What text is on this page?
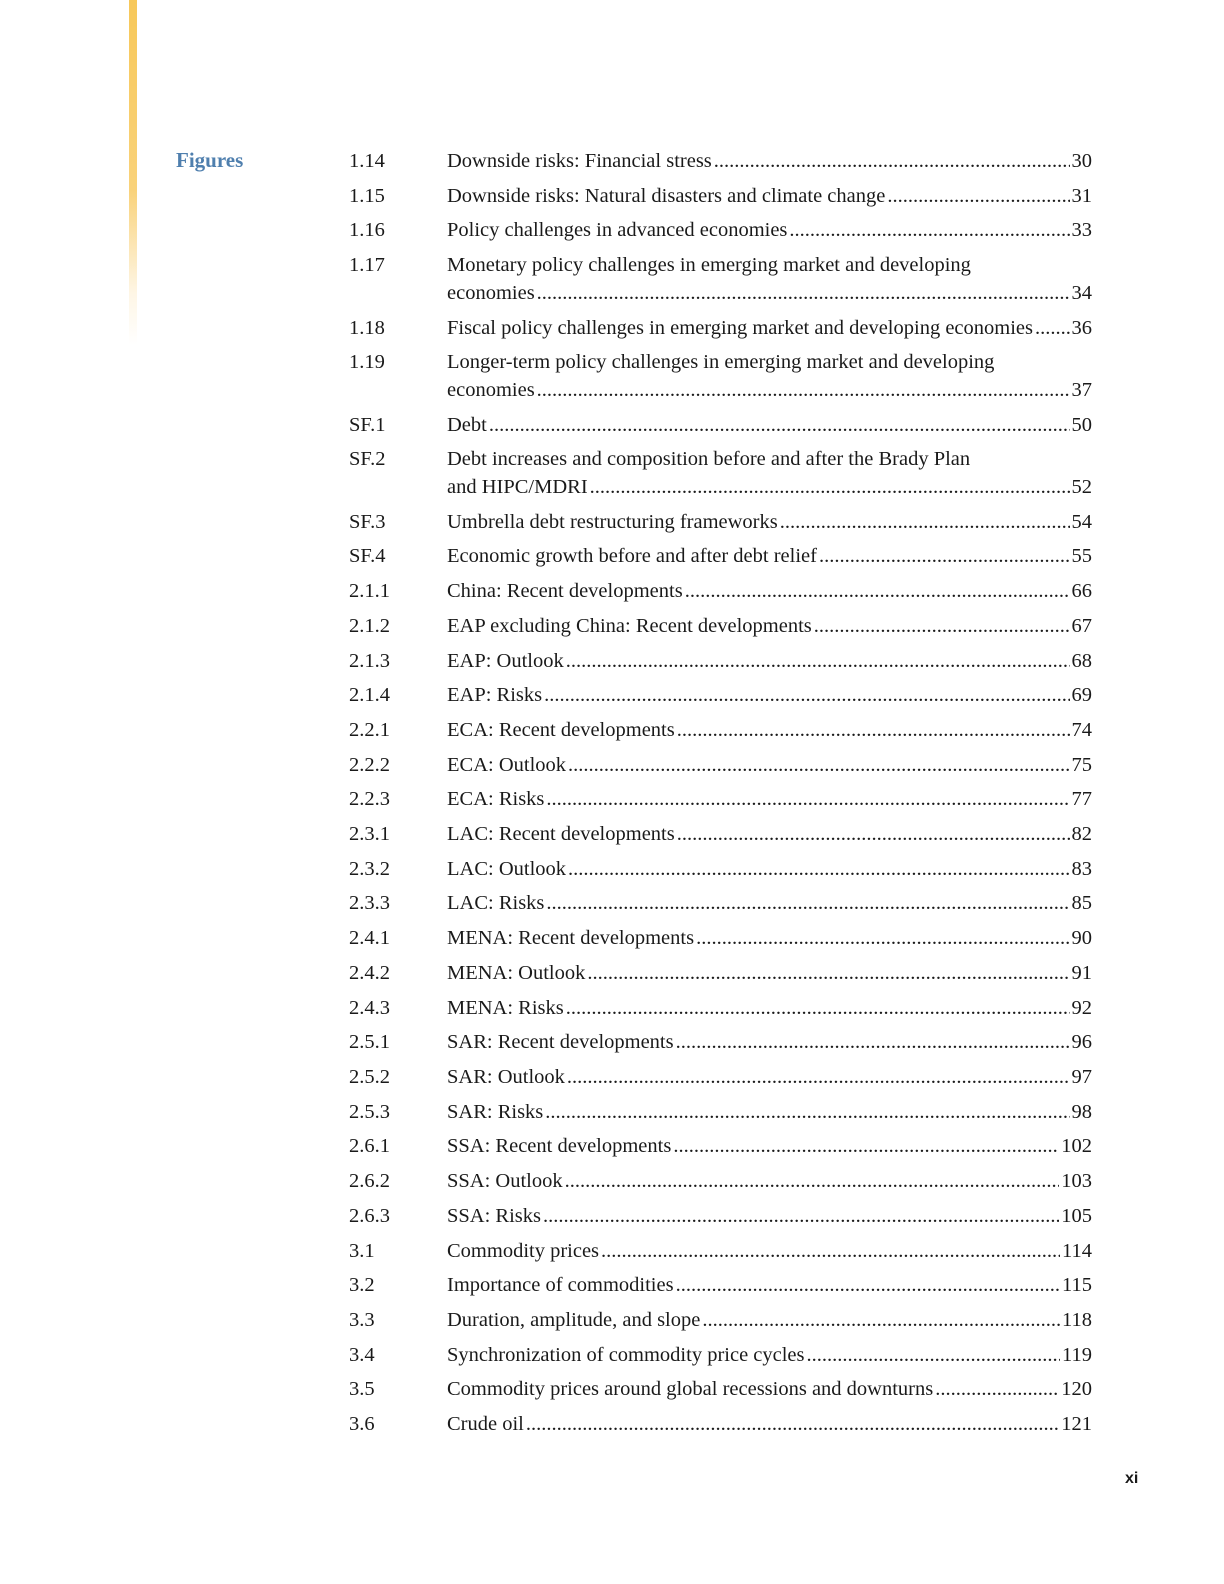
Figures	1.14	Downside risks: Financial stress .....	30
1.15	Downside risks: Natural disasters and climate change .....	31
1.16	Policy challenges in advanced economies .....	33
1.17	Monetary policy challenges in emerging market and developing
economies .....	34
1.18	Fiscal policy challenges in emerging market and developing economies ..... 36
1.19	Longer-term policy challenges in emerging market and developing
economies .....	37
SF.1	Debt .....	50
SF.2	Debt increases and composition before and after the Brady Plan
and HIPC/MDRI .....	52
SF.3	Umbrella debt restructuring frameworks .....	54
SF.4	Economic growth before and after debt relief .....	55
2.1.1	China: Recent developments .....	66
2.1.2	EAP excluding China: Recent developments .....	67
2.1.3	EAP: Outlook .....	68
2.1.4	EAP: Risks .....	69
2.2.1	ECA: Recent developments .....	74
2.2.2	ECA: Outlook .....	75
2.2.3	ECA: Risks .....	77
2.3.1	LAC: Recent developments .....	82
2.3.2	LAC: Outlook .....	83
2.3.3	LAC: Risks .....	85
2.4.1	MENA: Recent developments .....	90
2.4.2	MENA: Outlook .....	91
2.4.3	MENA: Risks .....	92
2.5.1	SAR: Recent developments .....	96
2.5.2	SAR: Outlook .....	97
2.5.3	SAR: Risks .....	98
2.6.1	SSA: Recent developments .....	102
2.6.2	SSA: Outlook .....	103
2.6.3	SSA: Risks .....	105
3.1	Commodity prices .....	114
3.2	Importance of commodities .....	115
3.3	Duration, amplitude, and slope .....	118
3.4	Synchronization of commodity price cycles .....	119
3.5	Commodity prices around global recessions and downturns .....	120
3.6	Crude oil .....	121
xi
